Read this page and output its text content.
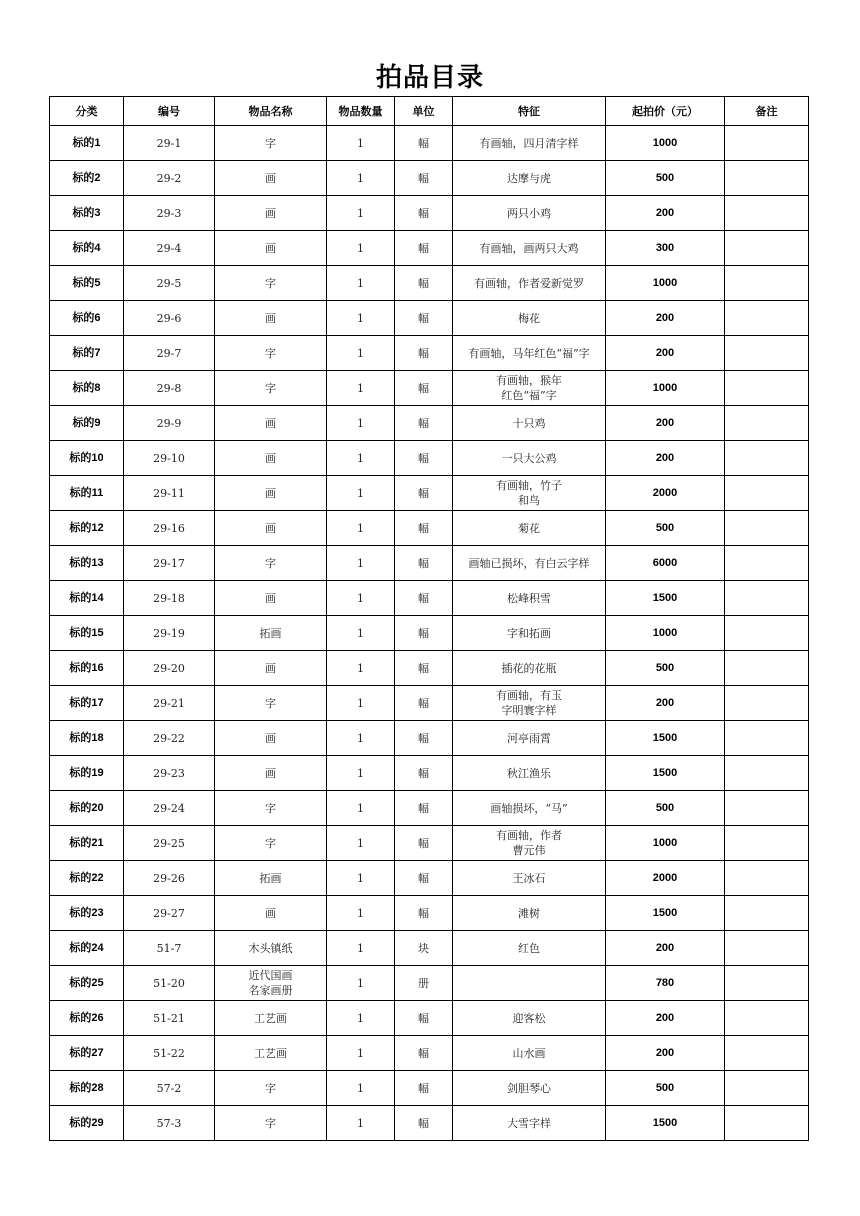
拍品目录
分类	编号	物品名称	物品数量	单位	特征	起拍价（元）	备注
标的1	29-1	字	1	幅	有画轴，四月清字样	1000	
标的2	29-2	画	1	幅	达摩与虎	500	
标的3	29-3	画	1	幅	两只小鸡	200	
标的4	29-4	画	1	幅	有画轴，画两只大鸡	300	
标的5	29-5	字	1	幅	有画轴，作者爱新觉罗	1000	
标的6	29-6	画	1	幅	梅花	200	
标的7	29-7	字	1	幅	有画轴，马年红色“福”字	200	
标的8	29-8	字	1	幅	有画轴，猴年
红色“福”字	1000	
标的9	29-9	画	1	幅	十只鸡	200	
标的10	29-10	画	1	幅	一只大公鸡	200	
标的11	29-11	画	1	幅	有画轴，竹子
和鸟	2000	
标的12	29-16	画	1	幅	菊花	500	
标的13	29-17	字	1	幅	画轴已损坏，有白云字样	6000	
标的14	29-18	画	1	幅	松峰积雪	1500	
标的15	29-19	拓画	1	幅	字和拓画	1000	
标的16	29-20	画	1	幅	插花的花瓶	500	
标的17	29-21	字	1	幅	有画轴，有玉
字明寰字样	200	
标的18	29-22	画	1	幅	河亭雨霄	1500	
标的19	29-23	画	1	幅	秋江渔乐	1500	
标的20	29-24	字	1	幅	画轴损坏，“马”	500	
标的21	29-25	字	1	幅	有画轴，作者
曹元伟	1000	
标的22	29-26	拓画	1	幅	王冰石	2000	
标的23	29-27	画	1	幅	滩树	1500	
标的24	51-7	木头镇纸	1	块	红色	200	
标的25	51-20	近代国画
名家画册	1	册		780	
标的26	51-21	工艺画	1	幅	迎客松	200	
标的27	51-22	工艺画	1	幅	山水画	200	
标的28	57-2	字	1	幅	剑胆琴心	500	
标的29	57-3	字	1	幅	大雪字样	1500	
